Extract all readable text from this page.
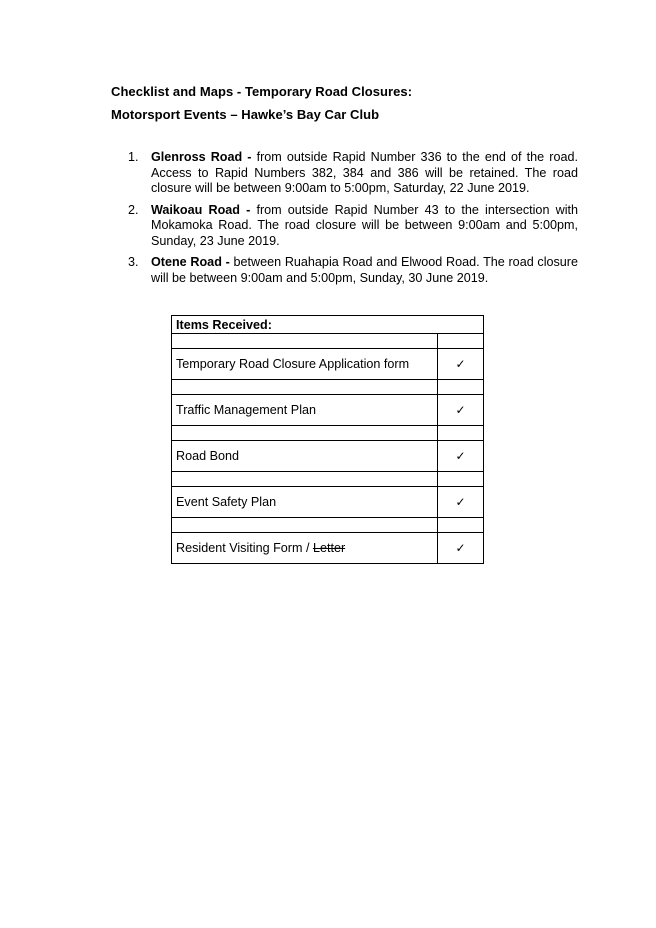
Checklist and Maps - Temporary Road Closures:
Motorsport Events – Hawke’s Bay Car Club
1. Glenross Road - from outside Rapid Number 336 to the end of the road. Access to Rapid Numbers 382, 384 and 386 will be retained. The road closure will be between 9:00am to 5:00pm, Saturday, 22 June 2019.
2. Waikoau Road - from outside Rapid Number 43 to the intersection with Mokamoka Road. The road closure will be between 9:00am and 5:00pm, Sunday, 23 June 2019.
3. Otene Road - between Ruahapia Road and Elwood Road. The road closure will be between 9:00am and 5:00pm, Sunday, 30 June 2019.
Items Received:	

Temporary Road Closure Application form	✓

Traffic Management Plan	✓

Road Bond	✓

Event Safety Plan	✓

Resident Visiting Form / Letter	✓
